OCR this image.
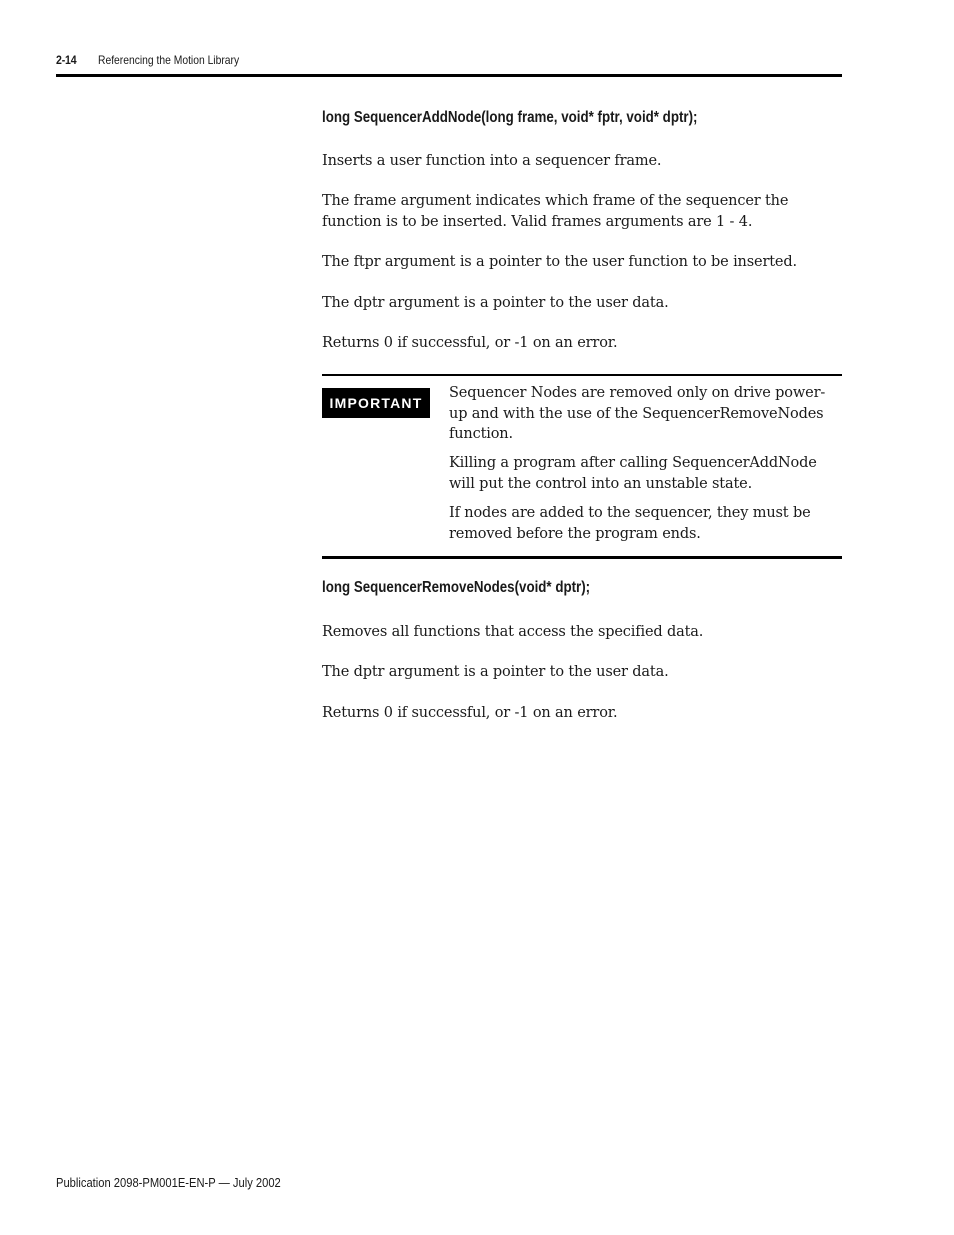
2-14 Referencing the Motion Library
long SequencerAddNode(long frame, void* fptr, void* dptr);

Inserts a user function into a sequencer frame.

The frame argument indicates which frame of the sequencer the function is to be inserted. Valid frames arguments are 1 - 4.

The ftpr argument is a pointer to the user function to be inserted.

The dptr argument is a pointer to the user data.

Returns 0 if successful, or -1 on an error.

IMPORTANT

Sequencer Nodes are removed only on drive power-up and with the use of the SequencerRemoveNodes function.

Killing a program after calling SequencerAddNode will put the control into an unstable state.

If nodes are added to the sequencer, they must be removed before the program ends.

long SequencerRemoveNodes(void* dptr);

Removes all functions that access the specified data.

The dptr argument is a pointer to the user data.

Returns 0 if successful, or -1 on an error.

Publication 2098-PM001E-EN-P — July 2002
